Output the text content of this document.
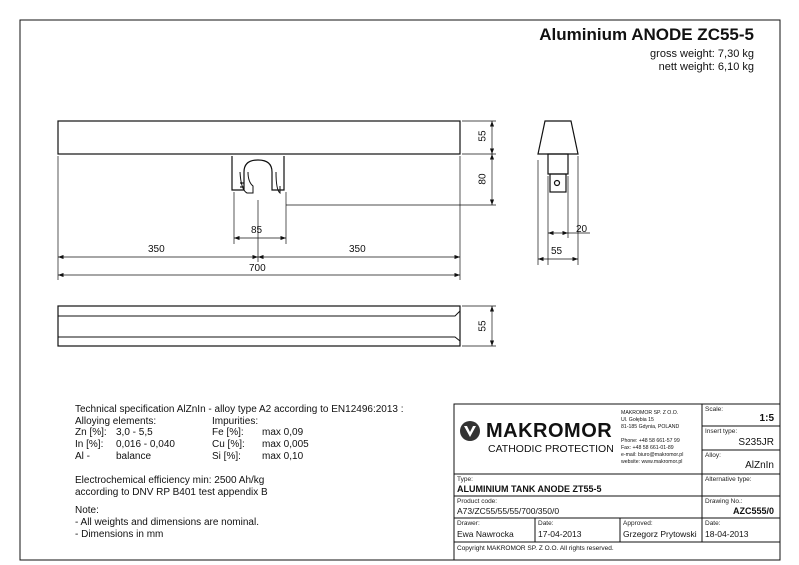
Aluminium ANODE ZC55-5
gross weight: 7,30 kg
nett weight: 6,10 kg
55
80
85
350	350
700
20
55
55
Technical specification AlZnIn - alloy type A2 according to EN12496:2013 :
Alloying elements:	Impurities:
Zn [%]: 3,0 - 5,5	Fe [%]: max 0,09
In [%]: 0,016 - 0,040	Cu [%]: max 0,005
Al -	balance	Si [%]: max 0,10
Electrochemical efficiency min: 2500 Ah/kg
according to DNV RP B401 test appendix B
Note:
- All weights and dimensions are nominal.
- Dimensions in mm
MAKROMOR
CATHODIC PROTECTION
MAKROMOR SP. Z O.O.
Ul. Gołębia 15
81-185 Gdynia, POLAND
Phone: +48 58 661-57 99
Fax: +48 58 661-01-89
e-mail: biuro@makromor.pl
website: www.makromor.pl
Scale:
1:5
Insert type:
S235JR
Alloy:
AlZnIn
Type:
ALUMINIUM TANK ANODE ZT55-5
Alternative type:
Product code:
A73/ZC55/55/55/700/350/0
Drawing No.:
AZC555/0
Drawer:
Ewa Nawrocka
Date:
17-04-2013
Approved:
Grzegorz Prytowski
Date:
18-04-2013
Copyright MAKROMOR SP. Z O.O. All rights reserved.
